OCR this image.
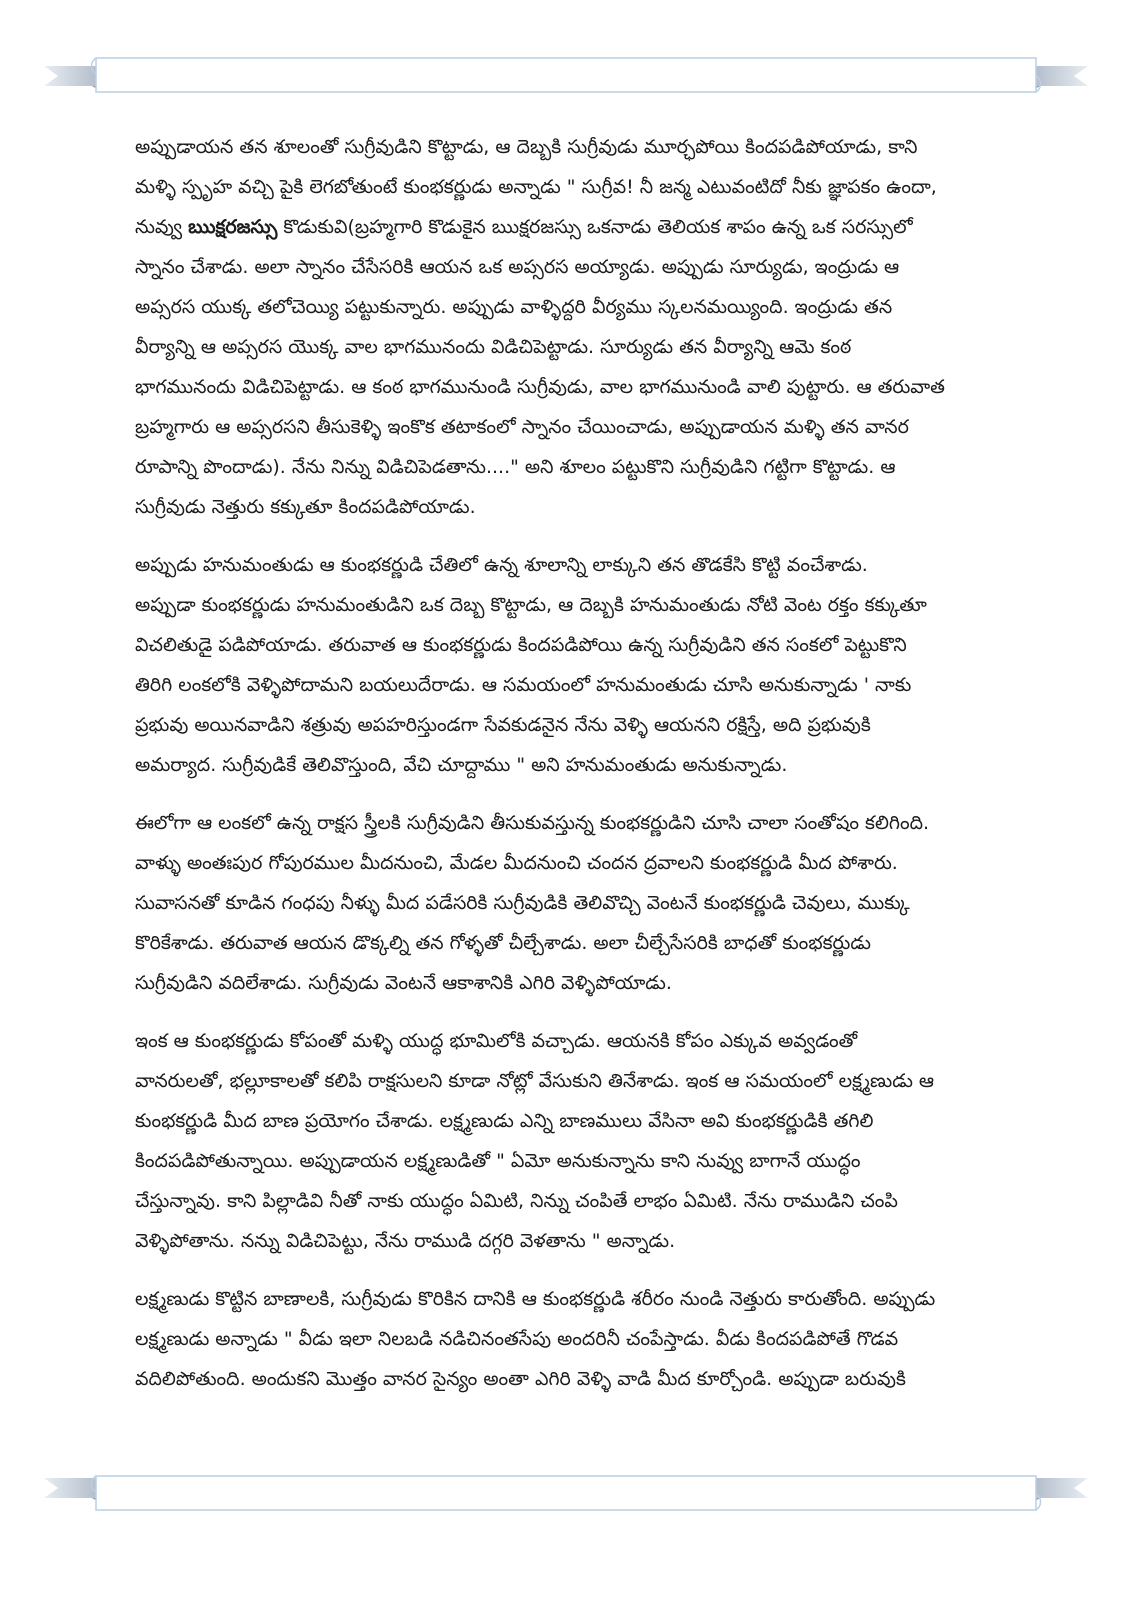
అప్పుడాయన తన శూలంతో సుగ్రీవుడిని కొట్టాడు, ఆ దెబ్బకి సుగ్రీవుడు మూర్ఛపోయి కిందపడిపోయాడు, కాని
మళ్ళి స్పృహ వచ్చి పైకి లెగబోతుంటే కుంభకర్ణుడు అన్నాడు " సుగ్రీవ! నీ జన్మ ఎటువంటిదో నీకు జ్ఞాపకం ఉందా,
నువ్వు ఋక్షరజస్సు కొడుకువి(బ్రహ్మగారి కొడుకైన ఋక్షరజస్సు ఒకనాడు తెలియక శాపం ఉన్న ఒక సరస్సులో
స్నానం చేశాడు. అలా స్నానం చేసేసరికి ఆయన ఒక అప్సరస అయ్యాడు. అప్పుడు సూర్యుడు, ఇంద్రుడు ఆ
అప్సరస యుక్క తలోచెయ్యి పట్టుకున్నారు. అప్పుడు వాళ్ళిద్దరి వీర్యము స్కలనమయ్యింది. ఇంద్రుడు తన
వీర్యాన్ని ఆ అప్సరస యొక్క వాల భాగమునందు విడిచిపెట్టాడు. సూర్యుడు తన వీర్యాన్ని ఆమె కంఠ
భాగమునందు విడిచిపెట్టాడు. ఆ కంఠ భాగమునుండి సుగ్రీవుడు, వాల భాగమునుండి వాలి పుట్టారు. ఆ తరువాత
బ్రహ్మగారు ఆ అప్సరసని తీసుకెళ్ళి ఇంకొక తటాకంలో స్నానం చేయించాడు, అప్పుడాయన మళ్ళి తన వానర
రూపాన్ని పొందాడు). నేను నిన్ను విడిచిపెడతాను...." అని శూలం పట్టుకొని సుగ్రీవుడిని గట్టిగా కొట్టాడు. ఆ
సుగ్రీవుడు నెత్తురు కక్కుతూ కిందపడిపోయాడు.
అప్పుడు హనుమంతుడు ఆ కుంభకర్ణుడి చేతిలో ఉన్న శూలాన్ని లాక్కుని తన తొడకేసి కొట్టి వంచేశాడు.
అప్పుడా కుంభకర్ణుడు హనుమంతుడిని ఒక దెబ్బ కొట్టాడు, ఆ దెబ్బకి హనుమంతుడు నోటి వెంట రక్తం కక్కుతూ
విచలితుడై పడిపోయాడు. తరువాత ఆ కుంభకర్ణుడు కిందపడిపోయి ఉన్న సుగ్రీవుడిని తన సంకలో పెట్టుకొని
తిరిగి లంకలోకి వెళ్ళిపోదామని బయలుదేరాడు. ఆ సమయంలో హనుమంతుడు చూసి అనుకున్నాడు ' నాకు
ప్రభువు అయినవాడిని శత్రువు అపహరిస్తుండగా సేవకుడనైన నేను వెళ్ళి ఆయనని రక్షిస్తే, అది ప్రభువుకి
అమర్యాద. సుగ్రీవుడికే తెలివొస్తుంది, వేచి చూద్దాము " అని హనుమంతుడు అనుకున్నాడు.
ఈలోగా ఆ లంకలో ఉన్న రాక్షస స్త్రీలకి సుగ్రీవుడిని తీసుకువస్తున్న కుంభకర్ణుడిని చూసి చాలా సంతోషం కలిగింది.
వాళ్ళు అంతఃపుర గోపురముల మీదనుంచి, మేడల మీదనుంచి చందన ద్రవాలని కుంభకర్ణుడి మీద పోశారు.
సువాసనతో కూడిన గంధపు నీళ్ళు మీద పడేసరికి సుగ్రీవుడికి తెలివొచ్చి వెంటనే కుంభకర్ణుడి చెవులు, ముక్కు
కొరికేశాడు. తరువాత ఆయన డొక్కల్ని తన గోళ్ళతో చీల్చేశాడు. అలా చీల్చేసేసరికి బాధతో కుంభకర్ణుడు
సుగ్రీవుడిని వదిలేశాడు. సుగ్రీవుడు వెంటనే ఆకాశానికి ఎగిరి వెళ్ళిపోయాడు.
ఇంక ఆ కుంభకర్ణుడు కోపంతో మళ్ళి యుద్ధ భూమిలోకి వచ్చాడు. ఆయనకి కోపం ఎక్కువ అవ్వడంతో
వానరులతో, భల్లూకాలతో కలిపి రాక్షసులని కూడా నోట్లో వేసుకుని తినేశాడు. ఇంక ఆ సమయంలో లక్ష్మణుడు ఆ
కుంభకర్ణుడి మీద బాణ ప్రయోగం చేశాడు. లక్ష్మణుడు ఎన్ని బాణములు వేసినా అవి కుంభకర్ణుడికి తగిలి
కిందపడిపోతున్నాయి. అప్పుడాయన లక్ష్మణుడితో " ఏమో అనుకున్నాను కాని నువ్వు బాగానే యుద్ధం
చేస్తున్నావు. కాని పిల్లాడివి నీతో నాకు యుద్ధం ఏమిటి, నిన్ను చంపితే లాభం ఏమిటి. నేను రాముడిని చంపి
వెళ్ళిపోతాను. నన్ను విడిచిపెట్టు, నేను రాముడి దగ్గరి వెళతాను " అన్నాడు.
లక్ష్మణుడు కొట్టిన బాణాలకి, సుగ్రీవుడు కొరికిన దానికి ఆ కుంభకర్ణుడి శరీరం నుండి నెత్తురు కారుతోంది. అప్పుడు
లక్ష్మణుడు అన్నాడు " వీడు ఇలా నిలబడి నడిచినంతసేపు అందరినీ చంపేస్తాడు. వీడు కిందపడిపోతే గొడవ
వదిలిపోతుంది. అందుకని మొత్తం వానర సైన్యం అంతా ఎగిరి వెళ్ళి వాడి మీద కూర్చోండి. అప్పుడా బరువుకి
